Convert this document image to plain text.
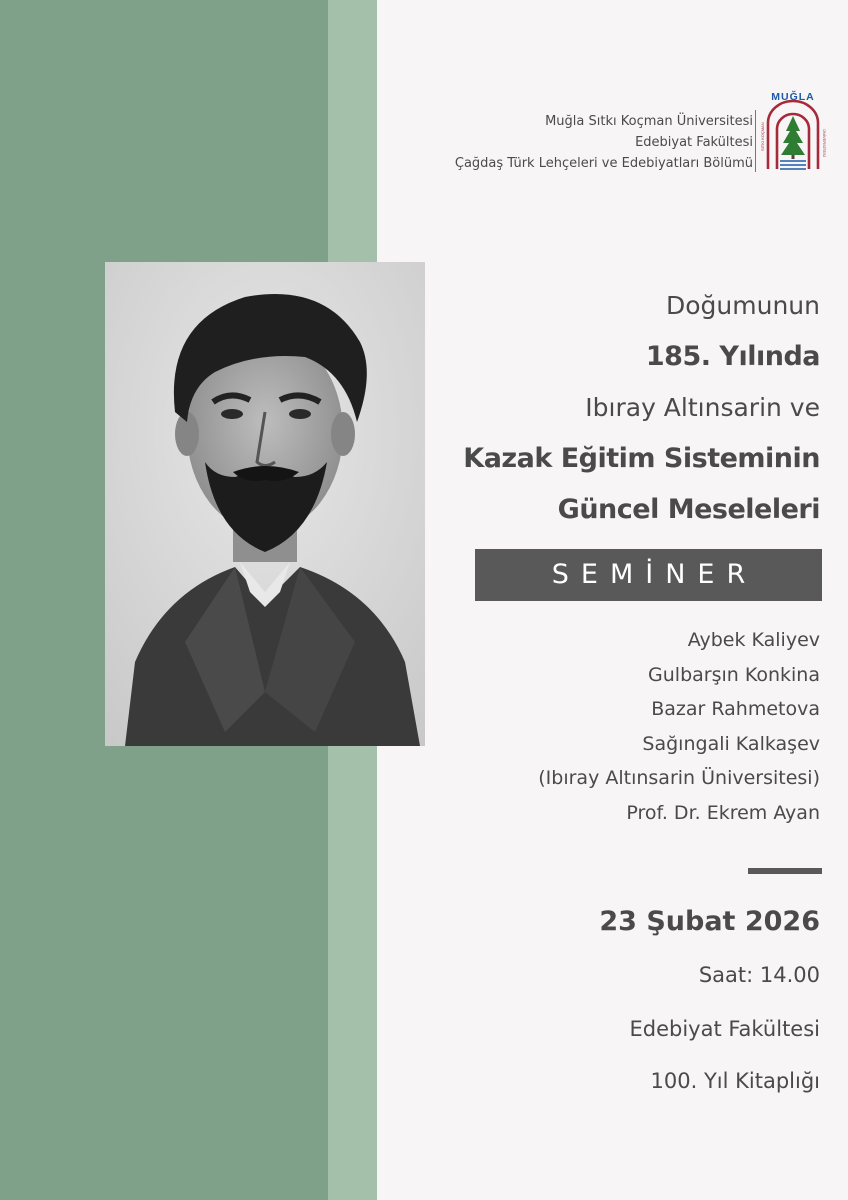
Muğla Sıtkı Koçman Üniversitesi
Edebiyat Fakültesi
Çağdaş Türk Lehçeleri ve Edebiyatları Bölümü
MUĞLA
SITKI KOÇMAN	ÜNİVERSİTESİ
Doğumunun
185. Yılında
Ibıray Altınsarin ve
Kazak Eğitim Sisteminin
Güncel Meseleleri
SEMİNER
Aybek Kaliyev
Gulbarşın Konkina
Bazar Rahmetova
Sağıngali Kalkaşev
(Ibıray Altınsarin Üniversitesi)
Prof. Dr. Ekrem Ayan
23 Şubat 2026
Saat: 14.00
Edebiyat Fakültesi
100. Yıl Kitaplığı
